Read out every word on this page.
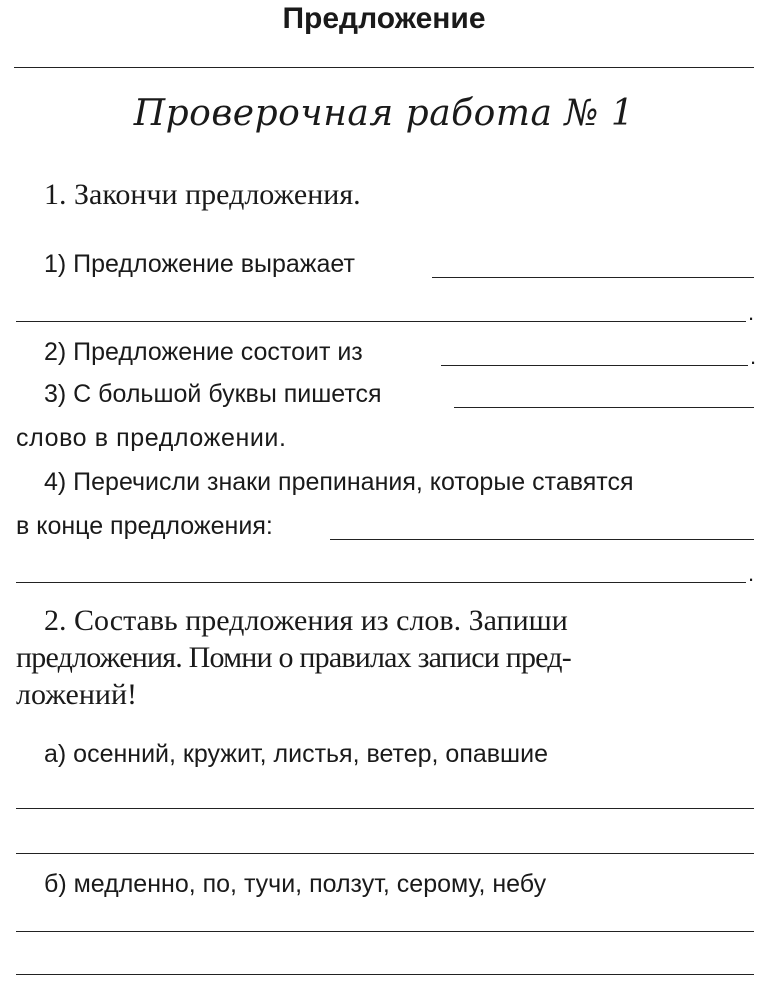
Предложение
Проверочная работа № 1
1. Закончи предложения.
1) Предложение выражает
.
2) Предложение состоит из	.
3) С большой буквы пишется
слово в предложении.
4) Перечисли знаки препинания, которые ставятся
в конце предложения:
.
2. Составь предложения из слов. Запиши
предложения. Помни о правилах записи пред-
ложений!
а) осенний, кружит, листья, ветер, опавшие
б) медленно, по, тучи, ползут, серому, небу
